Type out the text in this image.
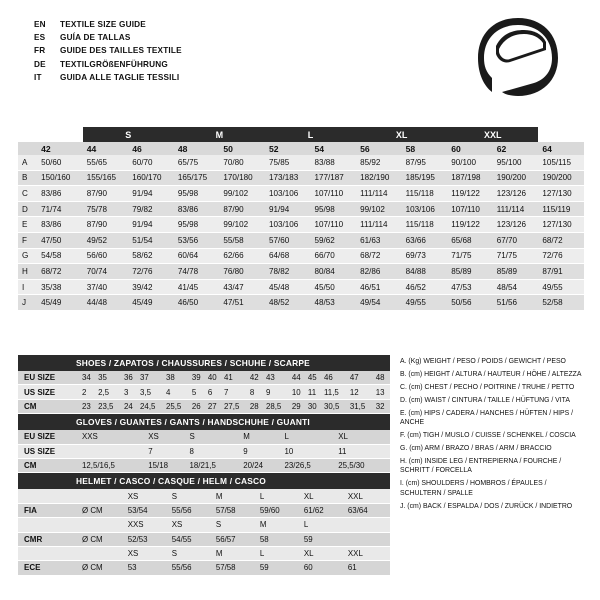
EN	TEXTILE SIZE GUIDE
ES	GUÍA DE TALLAS
FR	GUIDE DES TAILLES TEXTILE
DE	TEXTILGRÖßENFÜHRUNG
IT	GUIDA ALLE TAGLIE TESSILI
		S		M		L		XL		XXL		
	42	44	46	48	50	52	54	56	58	60	62	64
A	50/60	55/65	60/70	65/75	70/80	75/85	83/88	85/92	87/95	90/100	95/100	105/115
B	150/160	155/165	160/170	165/175	170/180	173/183	177/187	182/190	185/195	187/198	190/200	190/200
C	83/86	87/90	91/94	95/98	99/102	103/106	107/110	111/114	115/118	119/122	123/126	127/130
D	71/74	75/78	79/82	83/86	87/90	91/94	95/98	99/102	103/106	107/110	111/114	115/119
E	83/86	87/90	91/94	95/98	99/102	103/106	107/110	111/114	115/118	119/122	123/126	127/130
F	47/50	49/52	51/54	53/56	55/58	57/60	59/62	61/63	63/66	65/68	67/70	68/72
G	54/58	56/60	58/62	60/64	62/66	64/68	66/70	68/72	69/73	71/75	71/75	72/76
H	68/72	70/74	72/76	74/78	76/80	78/82	80/84	82/86	84/88	85/89	85/89	87/91
I	35/38	37/40	39/42	41/45	43/47	45/48	45/50	46/51	46/52	47/53	48/54	49/55
J	45/49	44/48	45/49	46/50	47/51	48/52	48/53	49/54	49/55	50/56	51/56	52/58
SHOES / ZAPATOS / CHAUSSURES / SCHUHE / SCARPE
EU SIZE	34	35	36	37	38	39	40	41	42	43	44	45	46	47	48
US SIZE	2	2,5	3	3,5	4	5	6	7	8	9	10	11	11,5	12	13
CM	23	23,5	24	24,5	25,5	26	27	27,5	28	28,5	29	30	30,5	31,5	32
GLOVES / GUANTES / GANTS / HANDSCHUHE / GUANTI
EU SIZE	XXS	XS	S	M	L	XL
US SIZE		7	8	9	10	11
CM	12,5/16,5	15/18	18/21,5	20/24	23/26,5	25,5/30
HELMET / CASCO / CASQUE / HELM / CASCO
		XS	S	M	L	XL	XXL
FIA	Ø CM	53/54	55/56	57/58	59/60	61/62	63/64
		XXS	XS	S	M	L	
CMR	Ø CM	52/53	54/55	56/57	58	59	
		XS	S	M	L	XL	XXL
ECE	Ø CM	53	55/56	57/58	59	60	61
A. (Kg) WEIGHT / PESO / POIDS / GEWICHT / PESO
B. (cm) HEIGHT / ALTURA / HAUTEUR / HÖHE / ALTEZZA
C. (cm) CHEST / PECHO / POITRINE / TRUHE / PETTO
D. (cm) WAIST / CINTURA / TAILLE / HÜFTUNG / VITA
E. (cm) HIPS / CADERA / HANCHES / HÜFTEN / HIPS / ANCHE
F. (cm) TIGH / MUSLO / CUISSE / SCHENKEL / COSCIA
G. (cm) ARM / BRAZO / BRAS / ARM / BRACCIO
H. (cm) INSIDE LEG / ENTREPIERNA / FOURCHE / SCHRITT / FORCELLA
I. (cm) SHOULDERS / HOMBROS / ÉPAULES / SCHULTERN / SPALLE
J. (cm) BACK / ESPALDA / DOS / ZURÜCK / INDIETRO
